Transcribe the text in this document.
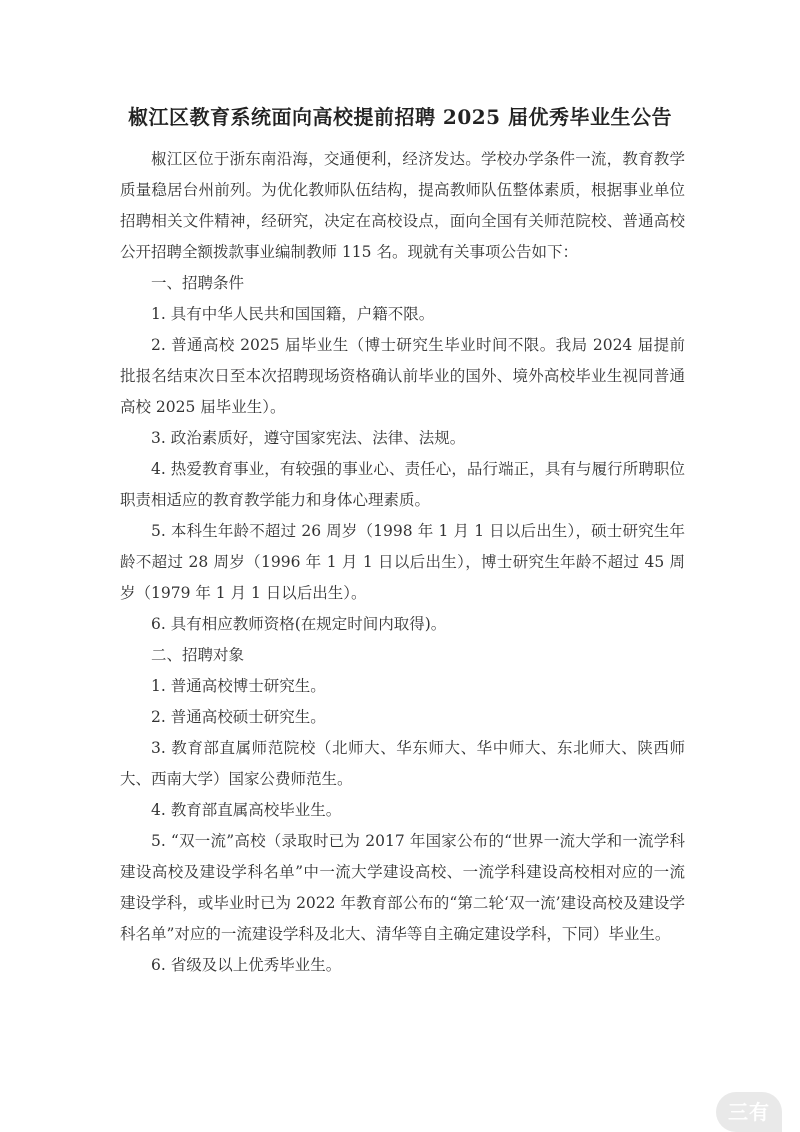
椒江区教育系统面向高校提前招聘 2025 届优秀毕业生公告

椒江区位于浙东南沿海，交通便利，经济发达。学校办学条件一流，教育教学质量稳居台州前列。为优化教师队伍结构，提高教师队伍整体素质，根据事业单位招聘相关文件精神，经研究，决定在高校设点，面向全国有关师范院校、普通高校公开招聘全额拨款事业编制教师 115 名。现就有关事项公告如下：

一、招聘条件

1. 具有中华人民共和国国籍，户籍不限。

2. 普通高校 2025 届毕业生（博士研究生毕业时间不限。我局 2024 届提前批报名结束次日至本次招聘现场资格确认前毕业的国外、境外高校毕业生视同普通高校 2025 届毕业生）。

3. 政治素质好，遵守国家宪法、法律、法规。

4. 热爱教育事业，有较强的事业心、责任心，品行端正，具有与履行所聘职位职责相适应的教育教学能力和身体心理素质。

5. 本科生年龄不超过 26 周岁（1998 年 1 月 1 日以后出生），硕士研究生年龄不超过 28 周岁（1996 年 1 月 1 日以后出生），博士研究生年龄不超过 45 周岁（1979 年 1 月 1 日以后出生）。

6. 具有相应教师资格(在规定时间内取得)。

二、招聘对象

1. 普通高校博士研究生。

2. 普通高校硕士研究生。

3. 教育部直属师范院校（北师大、华东师大、华中师大、东北师大、陕西师大、西南大学）国家公费师范生。

4. 教育部直属高校毕业生。

5. “双一流”高校（录取时已为 2017 年国家公布的“世界一流大学和一流学科建设高校及建设学科名单”中一流大学建设高校、一流学科建设高校相对应的一流建设学科，或毕业时已为 2022 年教育部公布的“第二轮‘双一流’建设高校及建设学科名单”对应的一流建设学科及北大、清华等自主确定建设学科，下同）毕业生。

6. 省级及以上优秀毕业生。

三有
